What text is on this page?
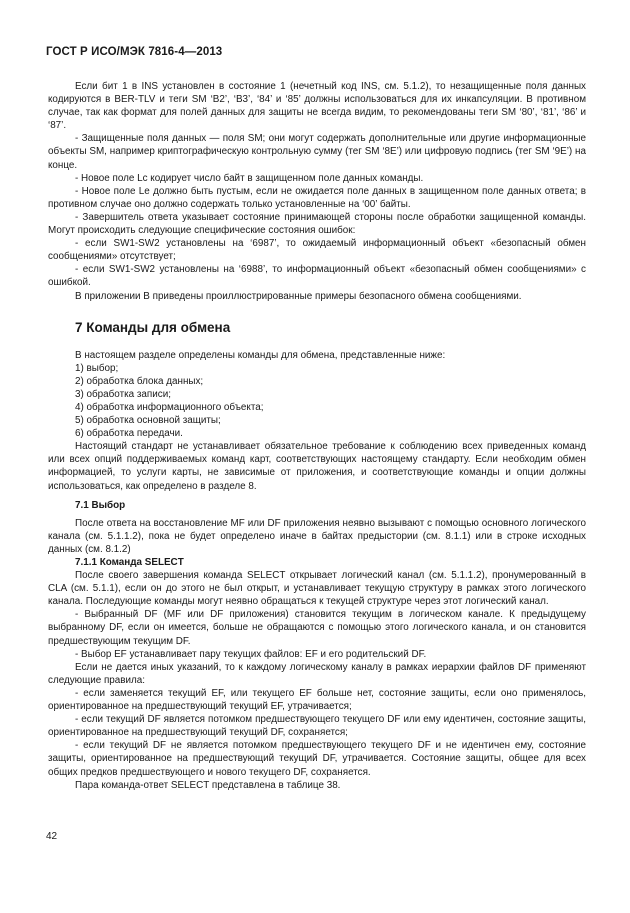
ГОСТ Р ИСО/МЭК 7816-4—2013

Если бит 1 в INS установлен в состояние 1 (нечетный код INS, см. 5.1.2), то незащищенные поля данных кодируются в BER-TLV и теги SM ‘B2’, ‘B3’, ‘84’ и ‘85’ должны использоваться для их инкапсуляции. В противном случае, так как формат для полей данных для защиты не всегда видим, то рекомендованы теги SM ‘80’, ‘81’, ‘86’ и ‘87’.

- Защищенные поля данных — поля SM; они могут содержать дополнительные или другие информационные объекты SM, например криптографическую контрольную сумму (тег SM ‘8E’) или цифровую подпись (тег SM ‘9E’) на конце.

- Новое поле Lc кодирует число байт в защищенном поле данных команды.

- Новое поле Le должно быть пустым, если не ожидается поле данных в защищенном поле данных ответа; в противном случае оно должно содержать только установленные на ‘00’ байты.

- Завершитель ответа указывает состояние принимающей стороны после обработки защищенной команды. Могут происходить следующие специфические состояния ошибок:

- если SW1-SW2 установлены на ‘6987’, то ожидаемый информационный объект «безопасный обмен сообщениями» отсутствует;

- если SW1-SW2 установлены на ‘6988’, то информационный объект «безопасный обмен сообщениями» с ошибкой.

В приложении В приведены проиллюстрированные примеры безопасного обмена сообщениями.

7 Команды для обмена

В настоящем разделе определены команды для обмена, представленные ниже:

1) выбор;

2) обработка блока данных;

3) обработка записи;

4) обработка информационного объекта;

5) обработка основной защиты;

6) обработка передачи.

Настоящий стандарт не устанавливает обязательное требование к соблюдению всех приведенных команд или всех опций поддерживаемых команд карт, соответствующих настоящему стандарту. Если необходим обмен информацией, то услуги карты, не зависимые от приложения, и соответствующие команды и опции должны использоваться, как определено в разделе 8.

7.1 Выбор

После ответа на восстановление MF или DF приложения неявно вызывают с помощью основного логического канала (см. 5.1.1.2), пока не будет определено иначе в байтах предыстории (см. 8.1.1) или в строке исходных данных (см. 8.1.2)

7.1.1 Команда SELECT

После своего завершения команда SELECT открывает логический канал (см. 5.1.1.2), пронумерованный в CLA (см. 5.1.1), если он до этого не был открыт, и устанавливает текущую структуру в рамках этого логического канала. Последующие команды могут неявно обращаться к текущей структуре через этот логический канал.

- Выбранный DF (MF или DF приложения) становится текущим в логическом канале. К предыдущему выбранному DF, если он имеется, больше не обращаются с помощью этого логического канала, и он становится предшествующим текущим DF.

- Выбор EF устанавливает пару текущих файлов: EF и его родительский DF.

Если не дается иных указаний, то к каждому логическому каналу в рамках иерархии файлов DF применяют следующие правила:

- если заменяется текущий EF, или текущего EF больше нет, состояние защиты, если оно применялось, ориентированное на предшествующий текущий EF, утрачивается;

- если текущий DF является потомком предшествующего текущего DF или ему идентичен, состояние защиты, ориентированное на предшествующий текущий DF, сохраняется;

- если текущий DF не является потомком предшествующего текущего DF и не идентичен ему, состояние защиты, ориентированное на предшествующий текущий DF, утрачивается. Состояние защиты, общее для всех общих предков предшествующего и нового текущего DF, сохраняется.

Пара команда-ответ SELECT представлена в таблице 38.

42
